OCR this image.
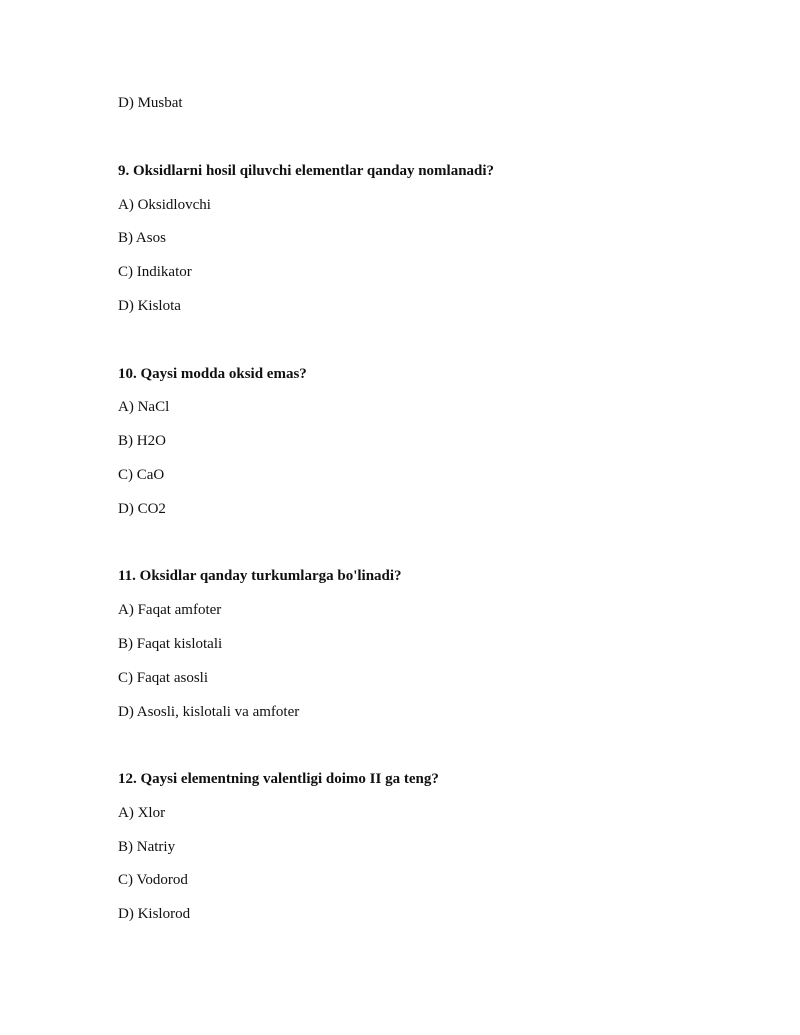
D) Musbat
9. Oksidlarni hosil qiluvchi elementlar qanday nomlanadi?
A) Oksidlovchi
B) Asos
C) Indikator
D) Kislota
10. Qaysi modda oksid emas?
A) NaCl
B) H2O
C) CaO
D) CO2
11. Oksidlar qanday turkumlarga bo'linadi?
A) Faqat amfoter
B) Faqat kislotali
C) Faqat asosli
D) Asosli, kislotali va amfoter
12. Qaysi elementning valentligi doimo II ga teng?
A) Xlor
B) Natriy
C) Vodorod
D) Kislorod
